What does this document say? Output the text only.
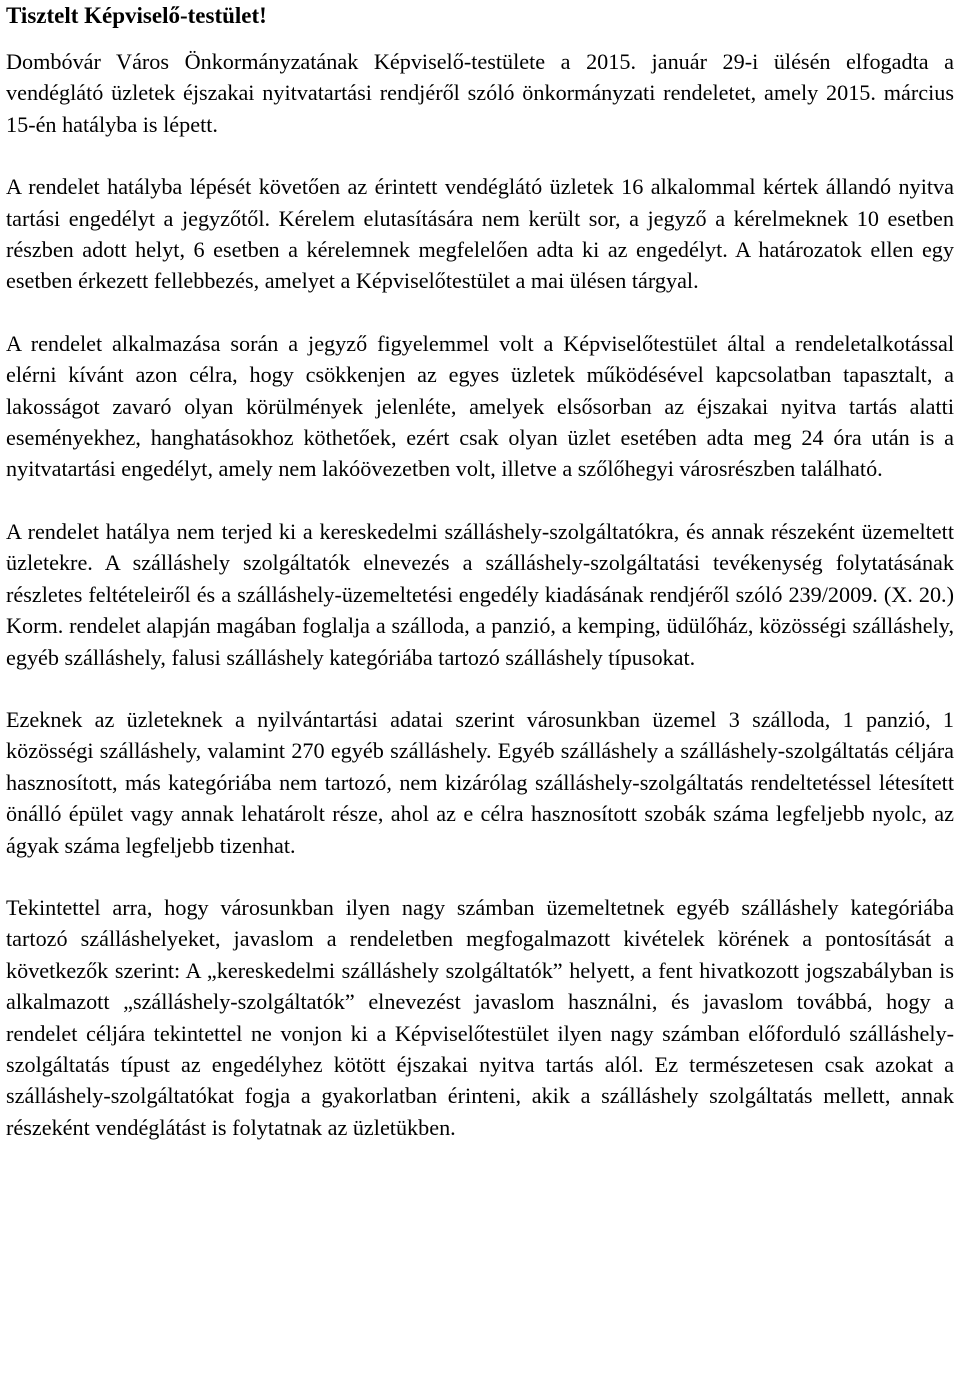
Tisztelt Képviselő-testület!

Dombóvár Város Önkormányzatának Képviselő-testülete a 2015. január 29-i ülésén elfogadta a vendéglátó üzletek éjszakai nyitvatartási rendjéről szóló önkormányzati rendeletet, amely 2015. március 15-én hatályba is lépett.

A rendelet hatályba lépését követően az érintett vendéglátó üzletek 16 alkalommal kértek állandó nyitva tartási engedélyt a jegyzőtől. Kérelem elutasítására nem került sor, a jegyző a kérelmeknek 10 esetben részben adott helyt, 6 esetben a kérelemnek megfelelően adta ki az engedélyt. A határozatok ellen egy esetben érkezett fellebbezés, amelyet a Képviselőtestület a mai ülésen tárgyal.

A rendelet alkalmazása során a jegyző figyelemmel volt a Képviselőtestület által a rendeletalkotással elérni kívánt azon célra, hogy csökkenjen az egyes üzletek működésével kapcsolatban tapasztalt, a lakosságot zavaró olyan körülmények jelenléte, amelyek elsősorban az éjszakai nyitva tartás alatti eseményekhez, hanghatásokhoz köthetőek, ezért csak olyan üzlet esetében adta meg 24 óra után is a nyitvatartási engedélyt, amely nem lakóövezetben volt, illetve a szőlőhegyi városrészben található.

A rendelet hatálya nem terjed ki a kereskedelmi szálláshely-szolgáltatókra, és annak részeként üzemeltett üzletekre. A szálláshely szolgáltatók elnevezés a szálláshely-szolgáltatási tevékenység folytatásának részletes feltételeiről és a szálláshely-üzemeltetési engedély kiadásának rendjéről szóló 239/2009. (X. 20.) Korm. rendelet alapján magában foglalja a szálloda, a panzió, a kemping, üdülőház, közösségi szálláshely, egyéb szálláshely, falusi szálláshely kategóriába tartozó szálláshely típusokat.

Ezeknek az üzleteknek a nyilvántartási adatai szerint városunkban üzemel 3 szálloda, 1 panzió, 1 közösségi szálláshely, valamint 270 egyéb szálláshely. Egyéb szálláshely a szálláshely-szolgáltatás céljára hasznosított, más kategóriába nem tartozó, nem kizárólag szálláshely-szolgáltatás rendeltetéssel létesített önálló épület vagy annak lehatárolt része, ahol az e célra hasznosított szobák száma legfeljebb nyolc, az ágyak száma legfeljebb tizenhat.

Tekintettel arra, hogy városunkban ilyen nagy számban üzemeltetnek egyéb szálláshely kategóriába tartozó szálláshelyeket, javaslom a rendeletben megfogalmazott kivételek körének a pontosítását a következők szerint: A „kereskedelmi szálláshely szolgáltatók” helyett, a fent hivatkozott jogszabályban is alkalmazott „szálláshely-szolgáltatók” elnevezést javaslom használni, és javaslom továbbá, hogy a rendelet céljára tekintettel ne vonjon ki a Képviselőtestület ilyen nagy számban előforduló szálláshely-szolgáltatás típust az engedélyhez kötött éjszakai nyitva tartás alól. Ez természetesen csak azokat a szálláshely-szolgáltatókat fogja a gyakorlatban érinteni, akik a szálláshely szolgáltatás mellett, annak részeként vendéglátást is folytatnak az üzletükben.
